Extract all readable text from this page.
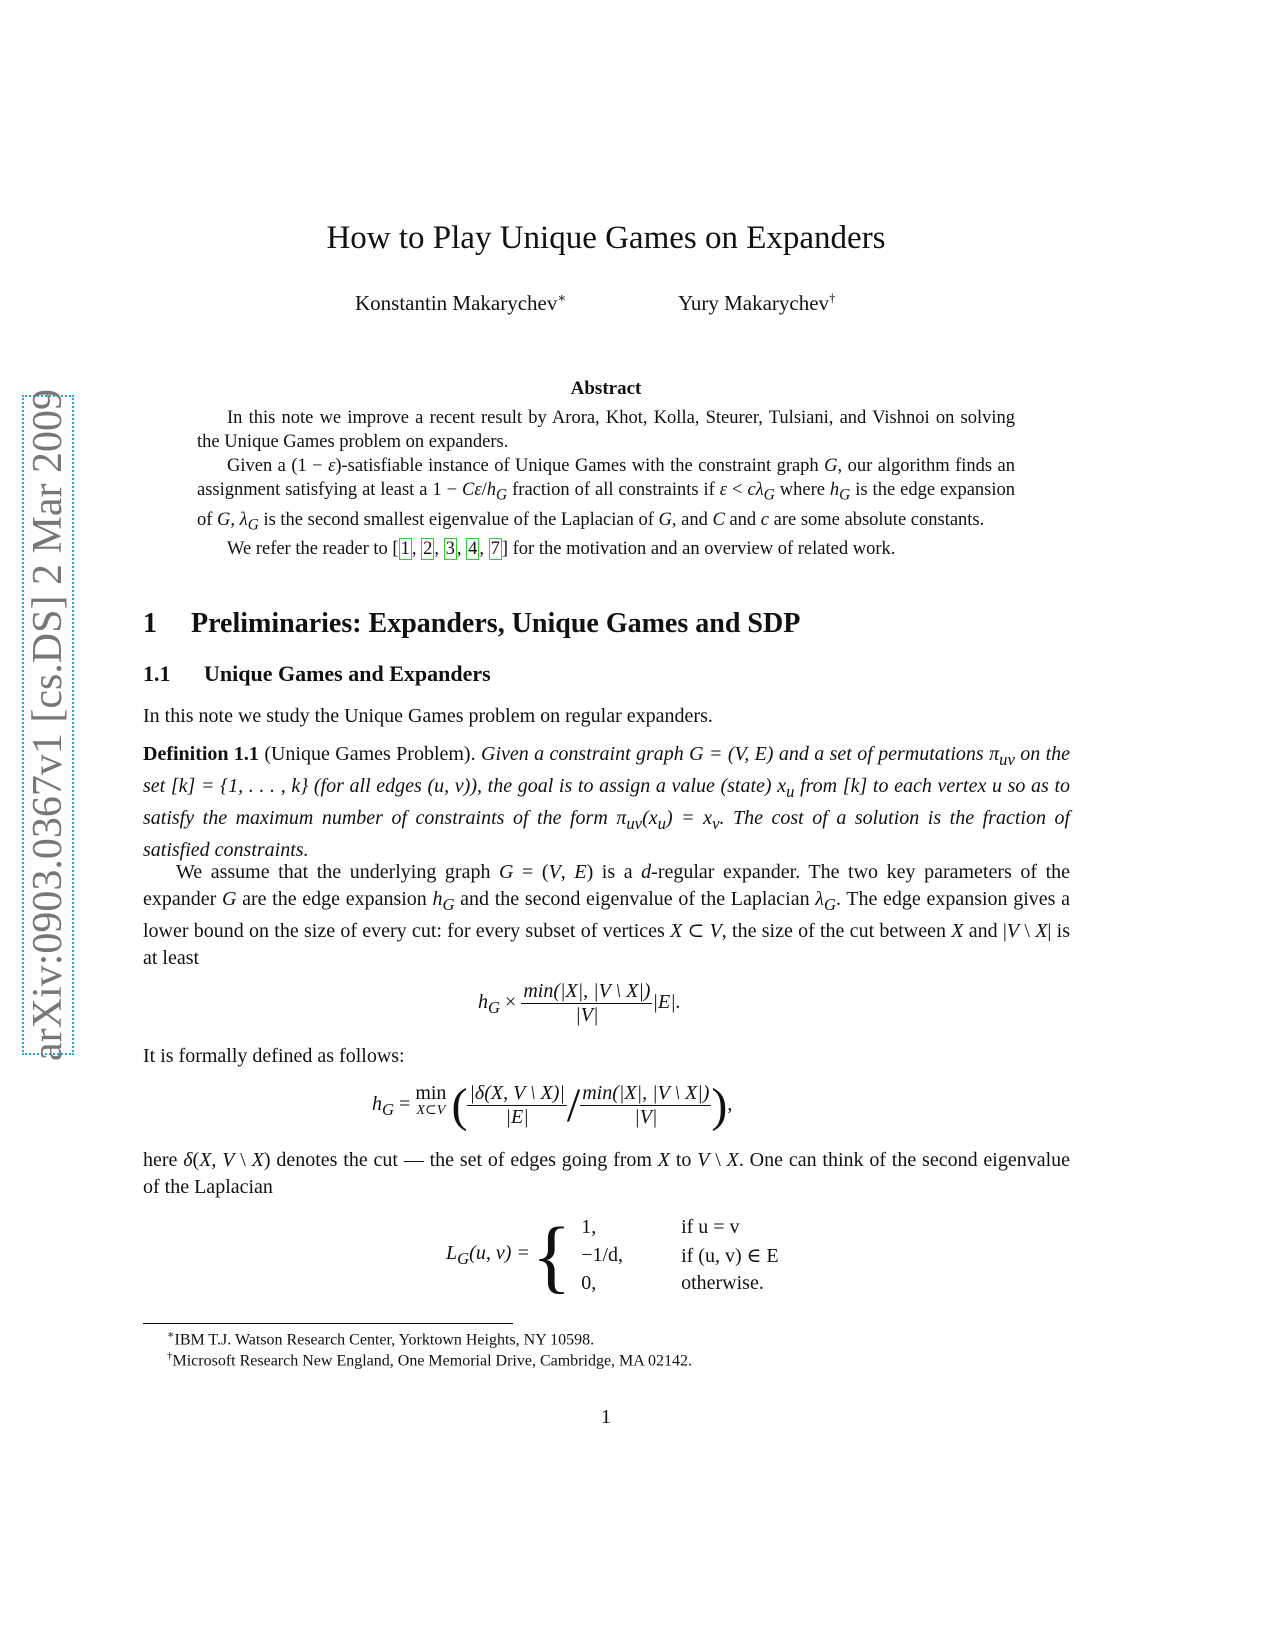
arXiv:0903.0367v1 [cs.DS] 2 Mar 2009
How to Play Unique Games on Expanders
Konstantin Makarychev∗	Yury Makarychev†
Abstract

In this note we improve a recent result by Arora, Khot, Kolla, Steurer, Tulsiani, and Vishnoi on solving the Unique Games problem on expanders.

Given a (1 − ε)-satisfiable instance of Unique Games with the constraint graph G, our algorithm finds an assignment satisfying at least a $1 - C\varepsilon/h_G$ fraction of all constraints if $\varepsilon < c\lambda_G$ where $h_G$ is the edge expansion of G, $\lambda_G$ is the second smallest eigenvalue of the Laplacian of G, and C and c are some absolute constants.

We refer the reader to [ 1 , 2 , 3 , 4 , 7 ] for the motivation and an overview of related work.

1 Preliminaries: Expanders, Unique Games and SDP
1.1 Unique Games and Expanders

In this note we study the Unique Games problem on regular expanders.

Definition 1.1 (Unique Games Problem). Given a constraint graph G = (V, E) and a set of permutations $\pi_{uv}$ on the set [k] = {1, . . . , k} (for all edges (u, v)), the goal is to assign a value (state) $x_u$ from [k] to each vertex u so as to satisfy the maximum number of constraints of the form $\pi_{uv}(x_u) = x_v$. The cost of a solution is the fraction of satisfied constraints.

We assume that the underlying graph G = (V, E) is a d-regular expander. The two key parameters of the expander G are the edge expansion $h_G$ and the second eigenvalue of the Laplacian $\lambda_G$. The edge expansion gives a lower bound on the size of every cut: for every subset of vertices X ⊂ V, the size of the cut between X and |V \ X| is at least

$h_G \times \frac{\min(|X|, |V \backslash X|)}{|V|} |E|$.

It is formally defined as follows:

$h_G = \min$
X⊂V ( $\frac{|\delta(X, V \backslash X)|}{|E|} / \frac{\min(|X|, |V \backslash X|)}{|V|}$ ),

here δ(X, V \ X) denotes the cut — the set of edges going from X to V \ X. One can think of the second eigenvalue of the Laplacian

$L_G(u$, v) = { 1,	if u = v
−1/d,	if (u, v) ∈ E
0,	otherwise.
∗IBM T.J. Watson Research Center, Yorktown Heights, NY 10598.
†Microsoft Research New England, One Memorial Drive, Cambridge, MA 02142.
1
